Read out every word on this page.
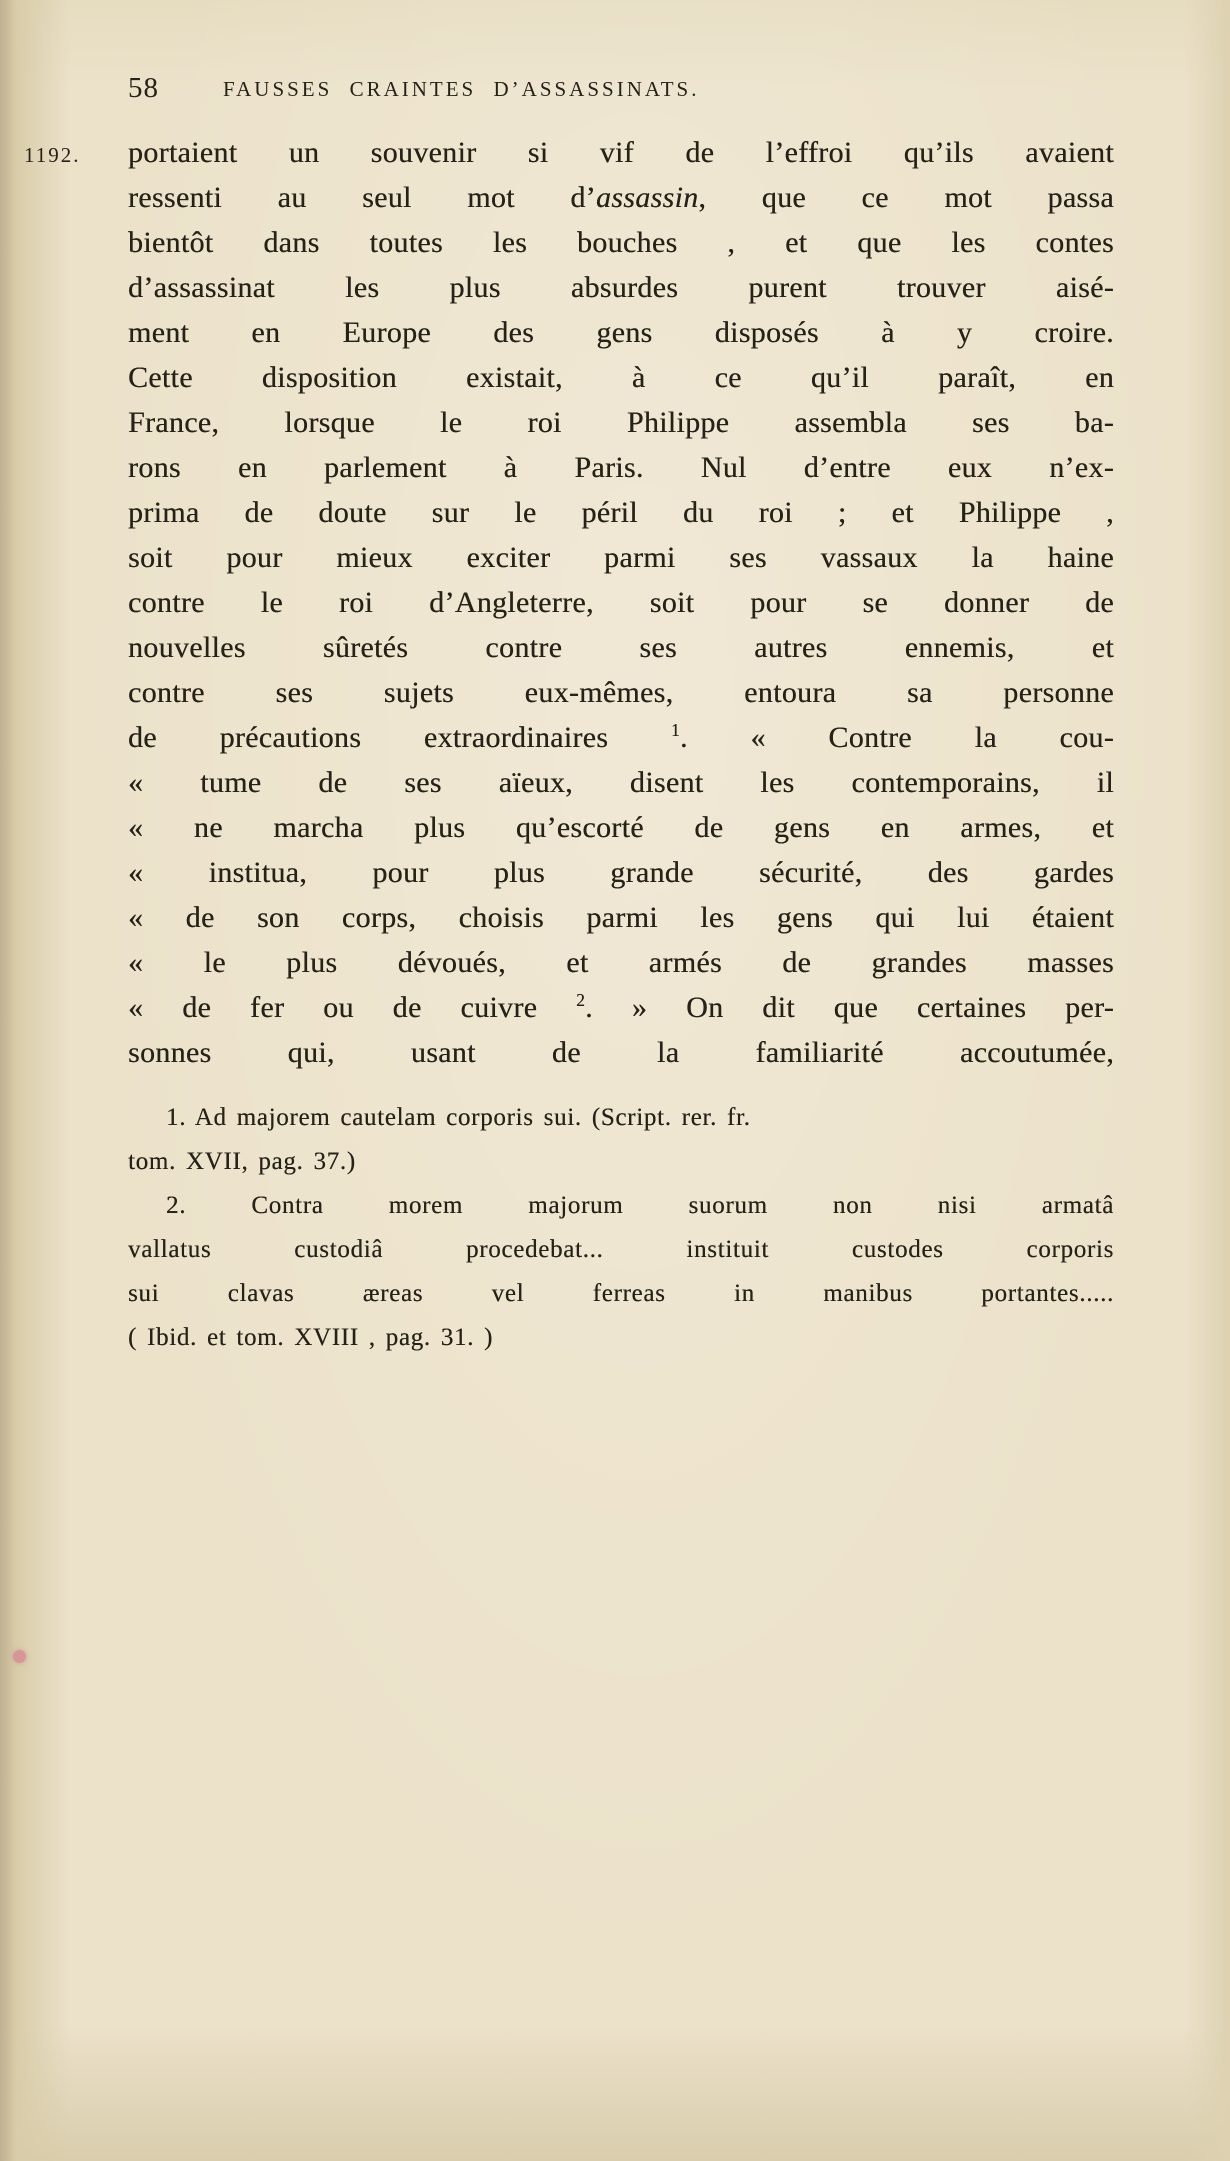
58	FAUSSES CRAINTES D’ASSASSINATS.
1192. portaient un souvenir si vif de l’effroi qu’ils avaient
ressenti au seul mot d’assassin, que ce mot passa
bientôt dans toutes les bouches , et que les contes
d’assassinat les plus absurdes purent trouver aisé-
ment en Europe des gens disposés à y croire.
Cette disposition existait, à ce qu’il paraît, en
France, lorsque le roi Philippe assembla ses ba-
rons en parlement à Paris. Nul d’entre eux n’ex-
prima de doute sur le péril du roi ; et Philippe ,
soit pour mieux exciter parmi ses vassaux la haine
contre le roi d’Angleterre, soit pour se donner de
nouvelles sûretés contre ses autres ennemis, et
contre ses sujets eux-mêmes, entoura sa personne
de précautions extraordinaires $^1$. « Contre la cou-
« tume de ses aïeux, disent les contemporains, il
« ne marcha plus qu’escorté de gens en armes, et
« institua, pour plus grande sécurité, des gardes
« de son corps, choisis parmi les gens qui lui étaient
« le plus dévoués, et armés de grandes masses
« de fer ou de cuivre $^2$. » On dit que certaines per-
sonnes qui, usant de la familiarité accoutumée,
1. Ad majorem cautelam corporis sui. (Script. rer. fr.
tom. XVII, pag. 37.)
2. Contra morem majorum suorum non nisi armatâ
vallatus custodiâ procedebat... instituit custodes corporis
sui clavas æreas vel ferreas in manibus portantes.....
( Ibid. et tom. XVIII , pag. 31. )
